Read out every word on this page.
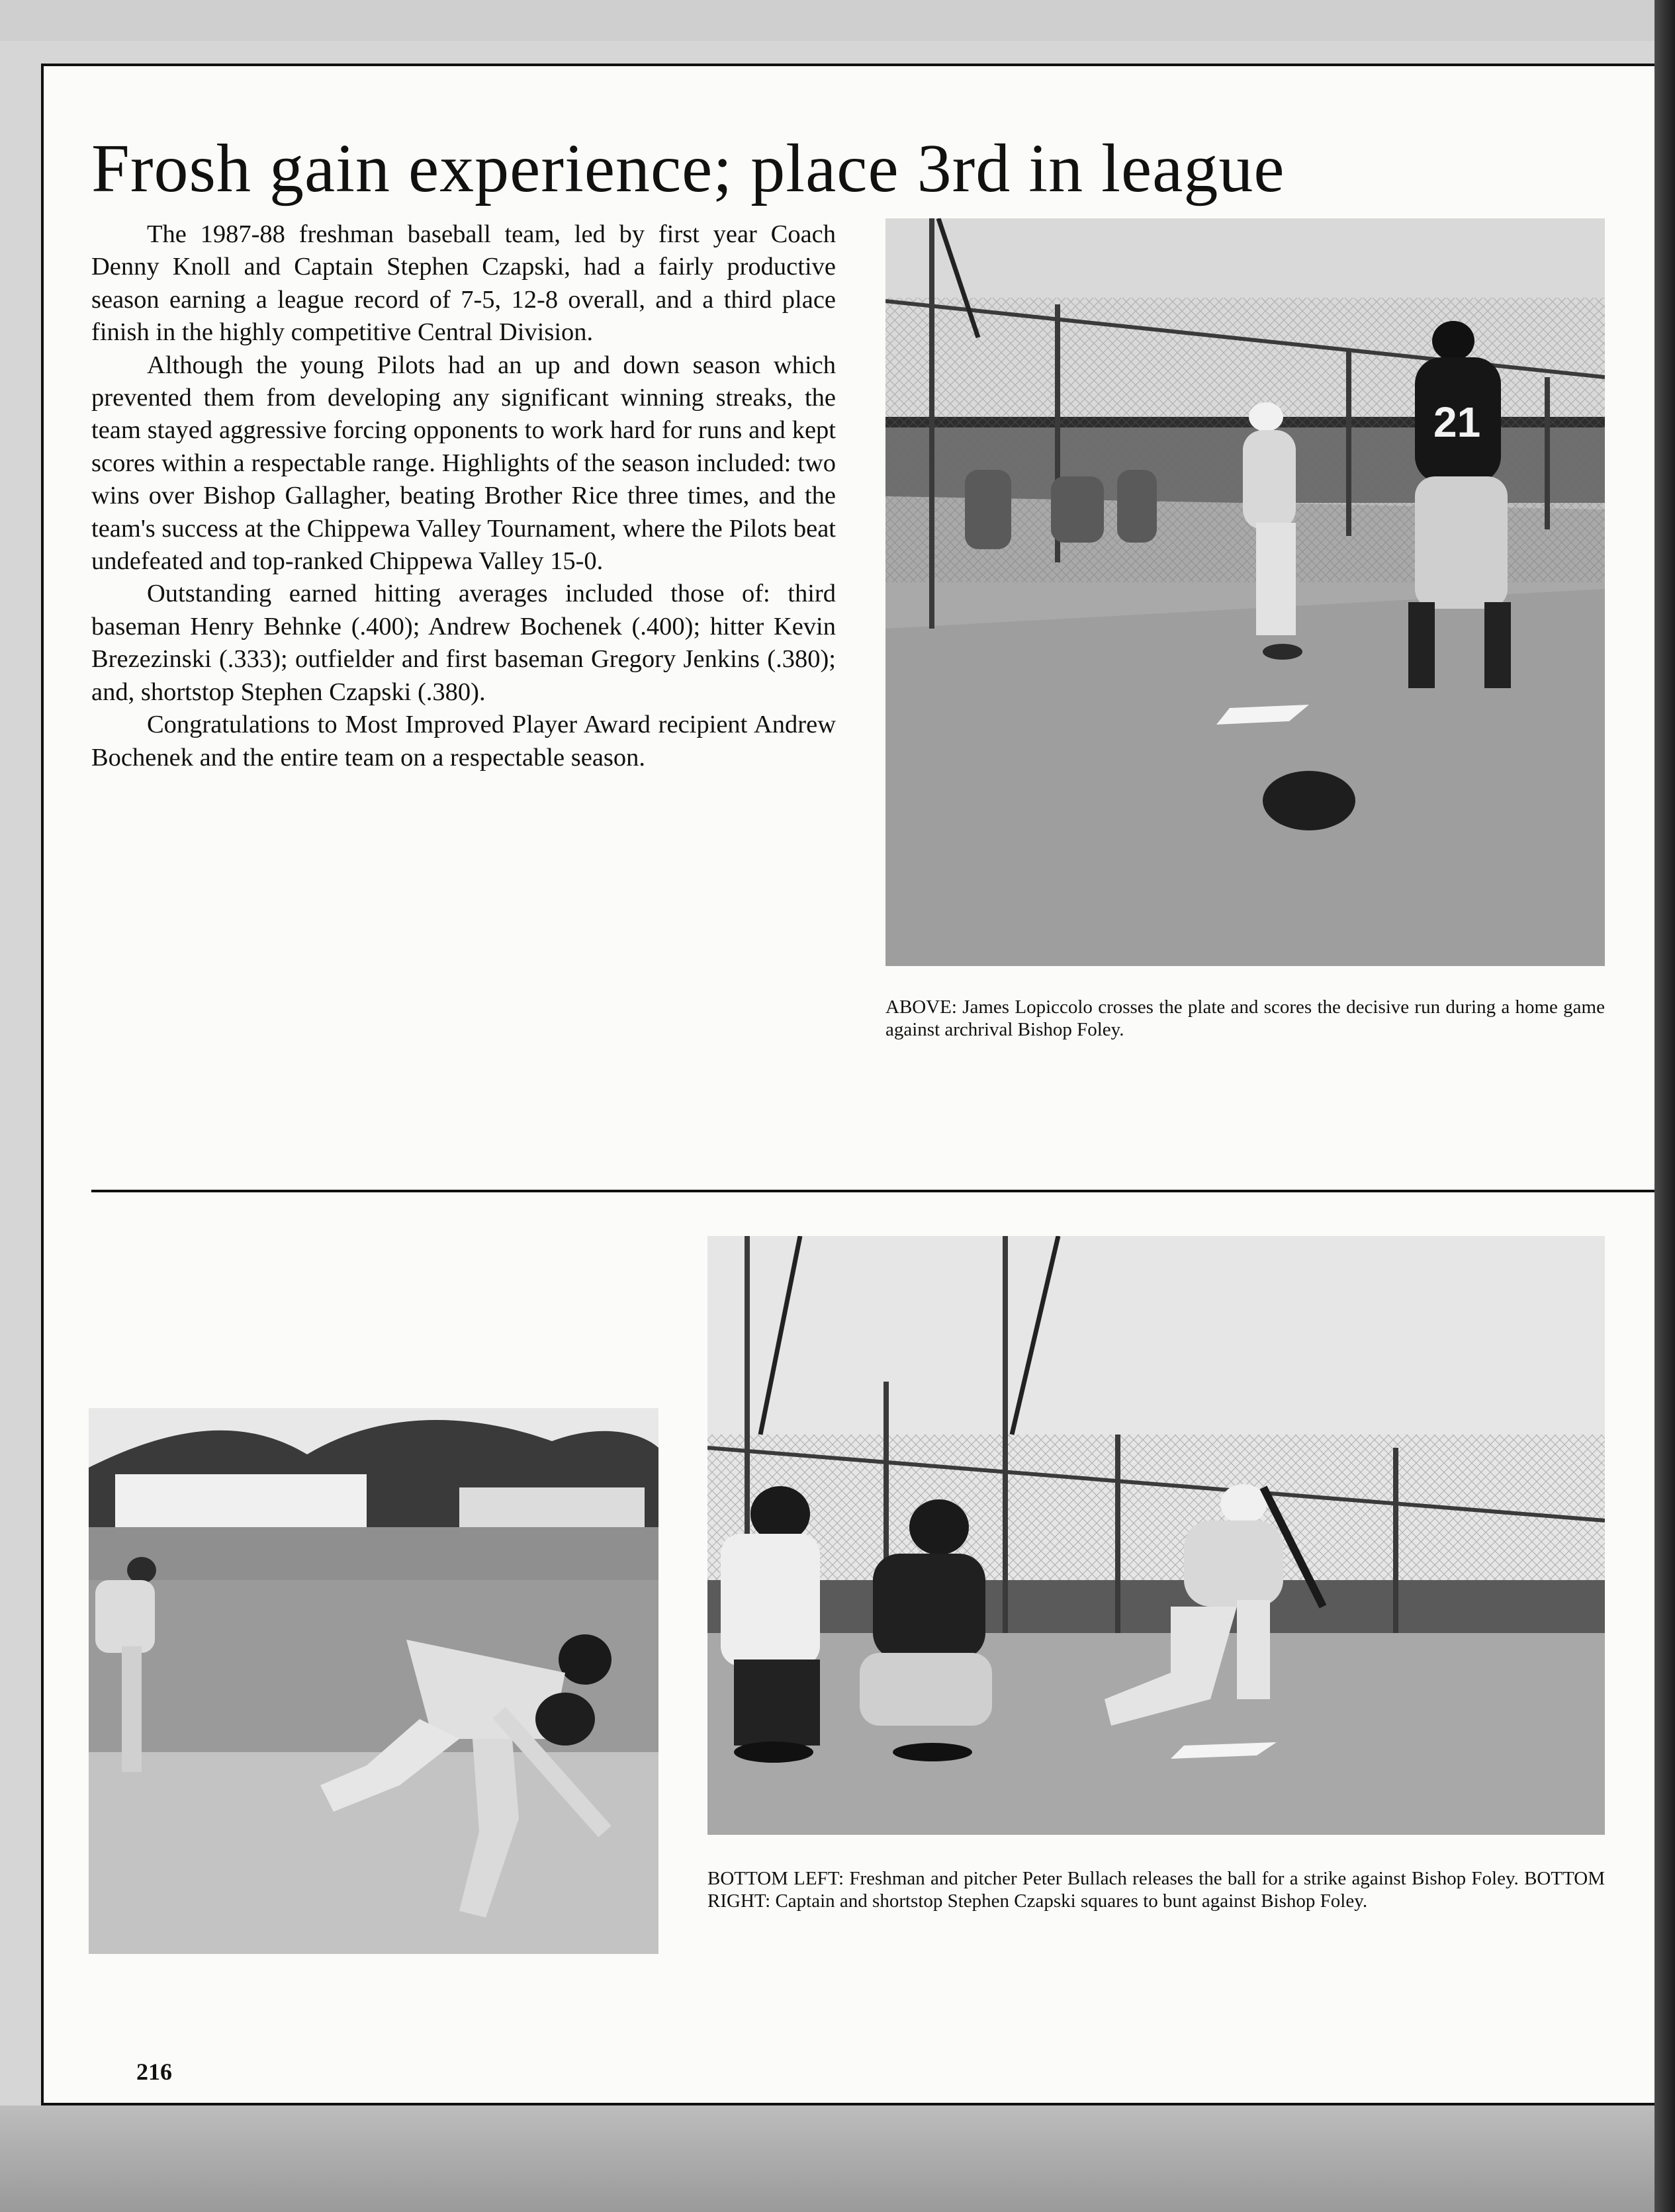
Frosh gain experience; place 3rd in league

The 1987-88 freshman baseball team, led by first year Coach Denny Knoll and Captain Stephen Czapski, had a fairly productive season earning a league record of 7-5, 12-8 overall, and a third place finish in the highly competitive Central Division.

Although the young Pilots had an up and down season which prevented them from developing any significant winning streaks, the team stayed aggressive forcing opponents to work hard for runs and kept scores within a respectable range. Highlights of the season included: two wins over Bishop Gallagher, beating Brother Rice three times, and the team's success at the Chippewa Valley Tournament, where the Pilots beat undefeated and top-ranked Chippewa Valley 15-0.

Outstanding earned hitting averages included those of: third baseman Henry Behnke (.400); Andrew Bochenek (.400); hitter Kevin Brezezinski (.333); outfielder and first baseman Gregory Jenkins (.380); and, shortstop Stephen Czapski (.380).

Congratulations to Most Improved Player Award recipient Andrew Bochenek and the entire team on a respectable season.

21

ABOVE: James Lopiccolo crosses the plate and scores the decisive run during a home game against archrival Bishop Foley.

BOTTOM LEFT: Freshman and pitcher Peter Bullach releases the ball for a strike against Bishop Foley. BOTTOM RIGHT: Captain and shortstop Stephen Czapski squares to bunt against Bishop Foley.

216
